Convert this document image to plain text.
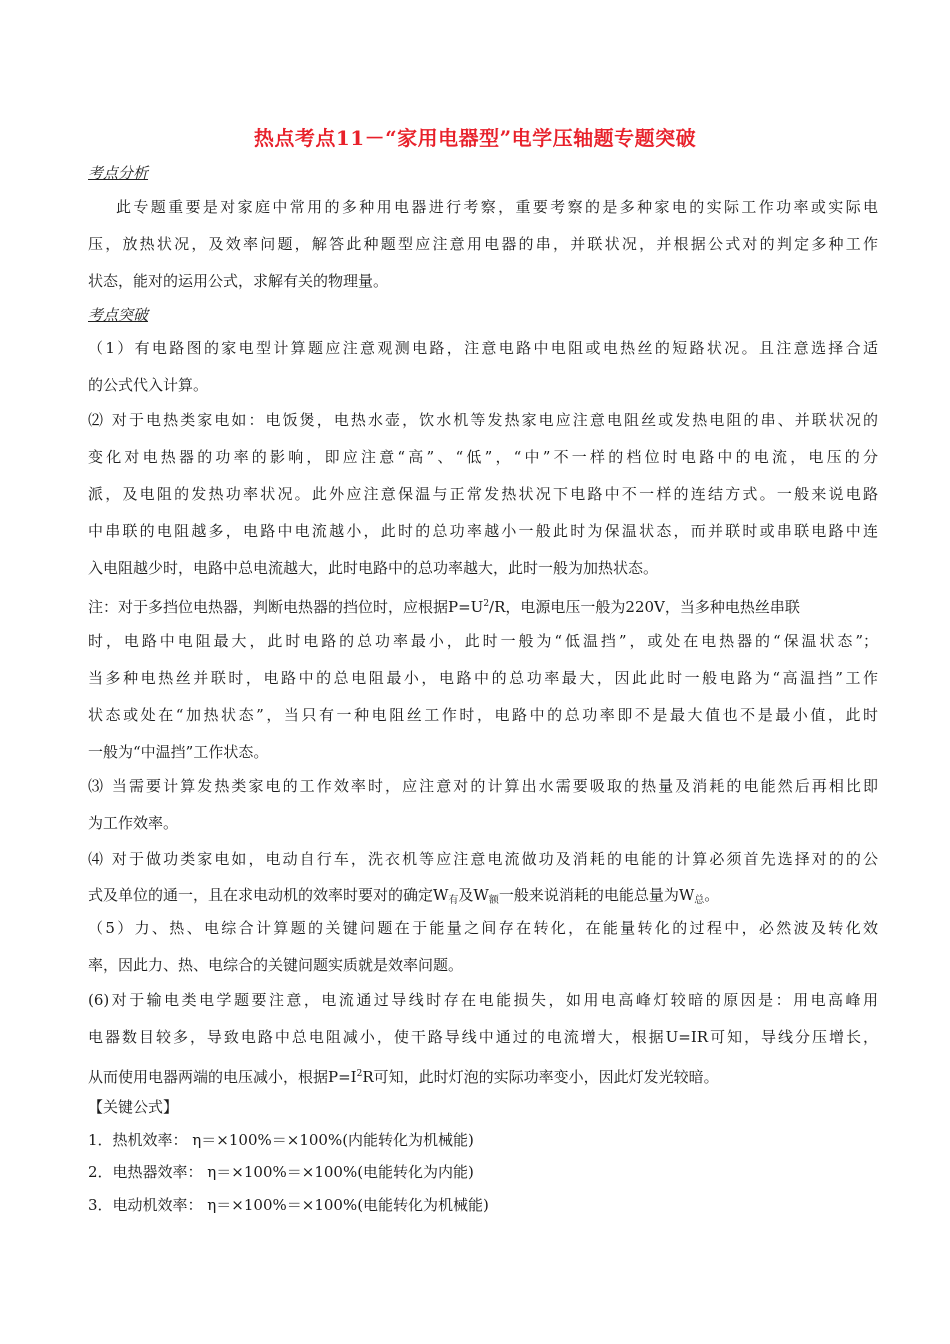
热点考点11－“家用电器型”电学压轴题专题突破
考点分析
此专题重要是对家庭中常用的多种用电器进行考察，重要考察的是多种家电的实际工作功率或实际电
压，放热状况，及效率问题，解答此种题型应注意用电器的串，并联状况，并根据公式对的判定多种工作
状态，能对的运用公式，求解有关的物理量。
考点突破
（1）有电路图的家电型计算题应注意观测电路，注意电路中电阻或电热丝的短路状况。且注意选择合适
的公式代入计算。
⑵ 对于电热类家电如：电饭煲，电热水壶，饮水机等发热家电应注意电阻丝或发热电阻的串、并联状况的
变化对电热器的功率的影响，即应注意“高”、“低”，“中”不一样的档位时电路中的电流，电压的分
派，及电阻的发热功率状况。此外应注意保温与正常发热状况下电路中不一样的连结方式。一般来说电路
中串联的电阻越多，电路中电流越小，此时的总功率越小一般此时为保温状态，而并联时或串联电路中连
入电阻越少时，电路中总电流越大，此时电路中的总功率越大，此时一般为加热状态。
注：对于多挡位电热器，判断电热器的挡位时，应根据$P=U^2/R$，电源电压一般为220V，当多种电热丝串联
时，电路中电阻最大，此时电路的总功率最小，此时一般为“低温挡”，或处在电热器的“保温状态”；
当多种电热丝并联时，电路中的总电阻最小，电路中的总功率最大，因此此时一般电路为“高温挡”工作
状态或处在“加热状态”，当只有一种电阻丝工作时，电路中的总功率即不是最大值也不是最小值，此时
一般为“中温挡”工作状态。
⑶ 当需要计算发热类家电的工作效率时，应注意对的计算出水需要吸取的热量及消耗的电能然后再相比即
为工作效率。
⑷ 对于做功类家电如，电动自行车，洗衣机等应注意电流做功及消耗的电能的计算必须首先选择对的的公
式及单位的通一，且在求电动机的效率时要对的确定$W_有$及$W_额$一般来说消耗的电能总量为$W_总$。
（5）力、热、电综合计算题的关键问题在于能量之间存在转化，在能量转化的过程中，必然波及转化效
率，因此力、热、电综合的关键问题实质就是效率问题。
(6)对于输电类电学题要注意，电流通过导线时存在电能损失，如用电高峰灯较暗的原因是：用电高峰用
电器数目较多，导致电路中总电阻减小，使干路导线中通过的电流增大，根据U=IR可知，导线分压增长，
从而使用电器两端的电压减小，根据$P=I^2R$可知，此时灯泡的实际功率变小，因此灯发光较暗。
【关键公式】
1．热机效率： η＝×100%＝×100%(内能转化为机械能)
2．电热器效率： η＝×100%＝×100%(电能转化为内能)
3．电动机效率： η＝×100%＝×100%(电能转化为机械能)
